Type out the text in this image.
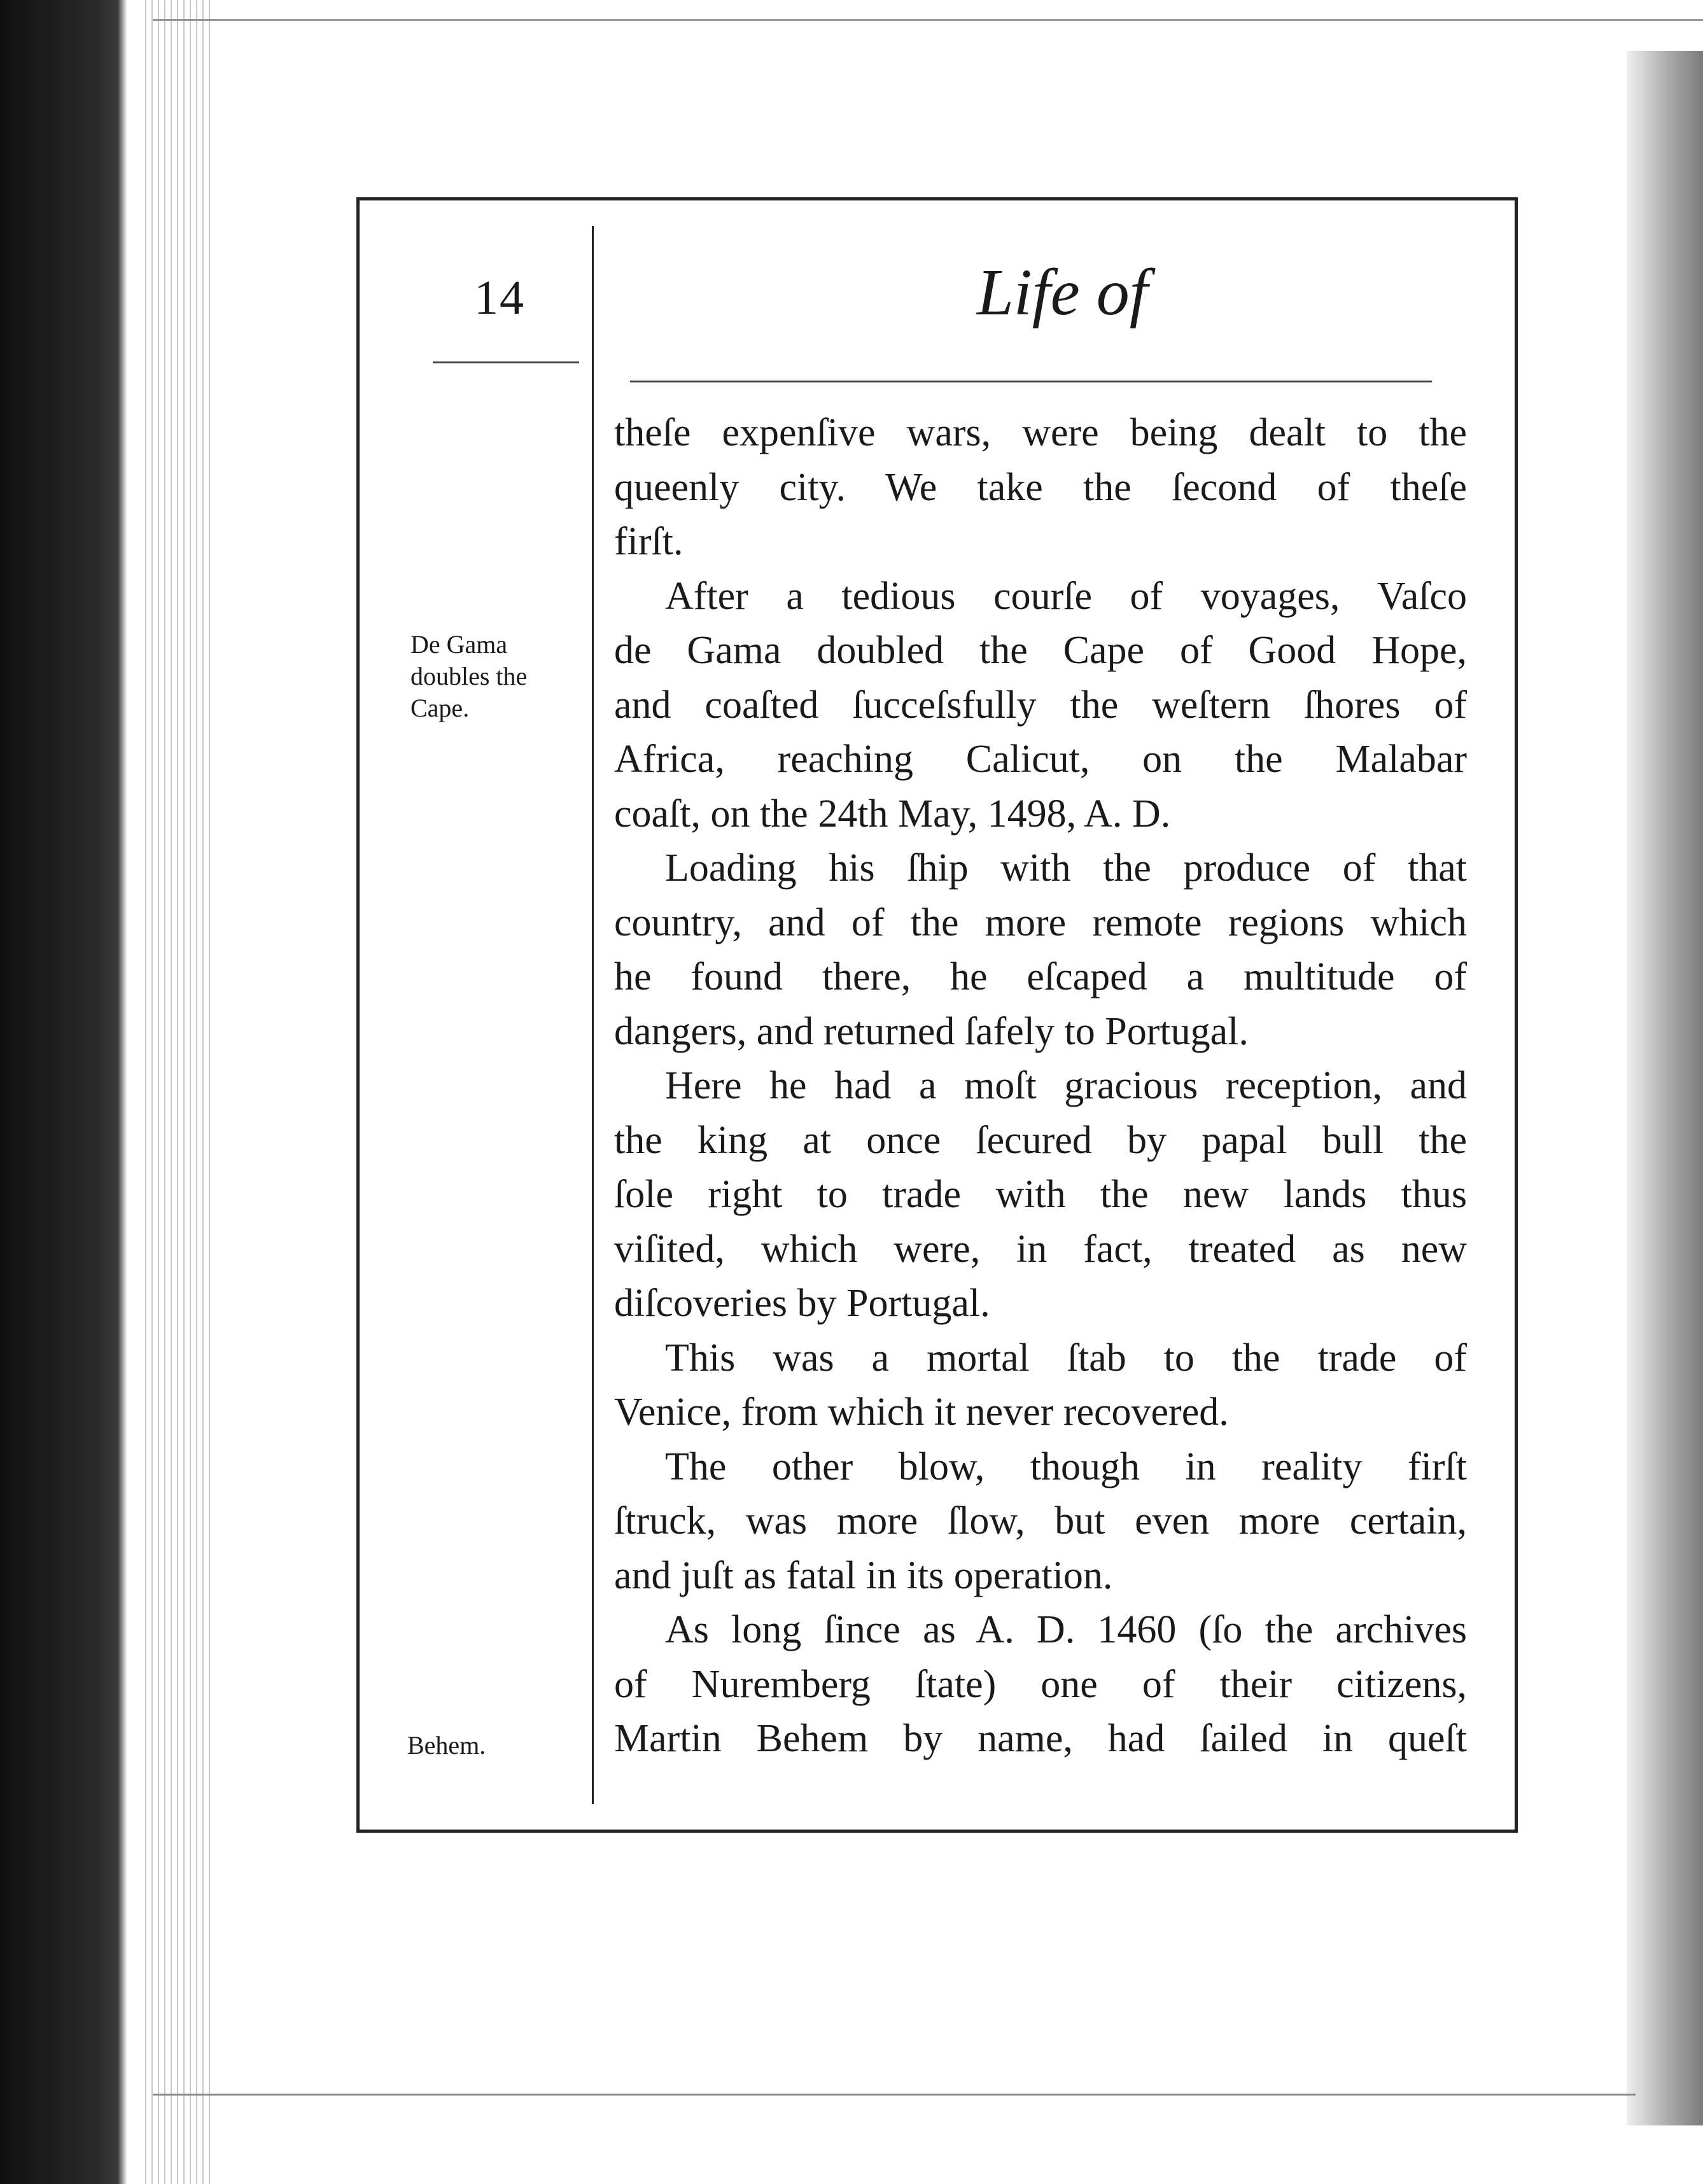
14	Life of
De Gama doubles the Cape.
Behem.
theſe expenſive wars, were being dealt to the
queenly city. We take the ſecond of theſe
firſt.
After a tedious courſe of voyages, Vaſco
de Gama doubled the Cape of Good Hope,
and coaſted ſucceſsfully the weſtern ſhores of
Africa, reaching Calicut, on the Malabar
coaſt, on the 24th May, 1498, A. D.
Loading his ſhip with the produce of that
country, and of the more remote regions which
he found there, he eſcaped a multitude of
dangers, and returned ſafely to Portugal.
Here he had a moſt gracious reception, and
the king at once ſecured by papal bull the
ſole right to trade with the new lands thus
viſited, which were, in fact, treated as new
diſcoveries by Portugal.
This was a mortal ſtab to the trade of
Venice, from which it never recovered.
The other blow, though in reality firſt
ſtruck, was more ſlow, but even more certain,
and juſt as fatal in its operation.
As long ſince as A. D. 1460 (ſo the archives
of Nuremberg ſtate) one of their citizens,
Martin Behem by name, had ſailed in queſt
